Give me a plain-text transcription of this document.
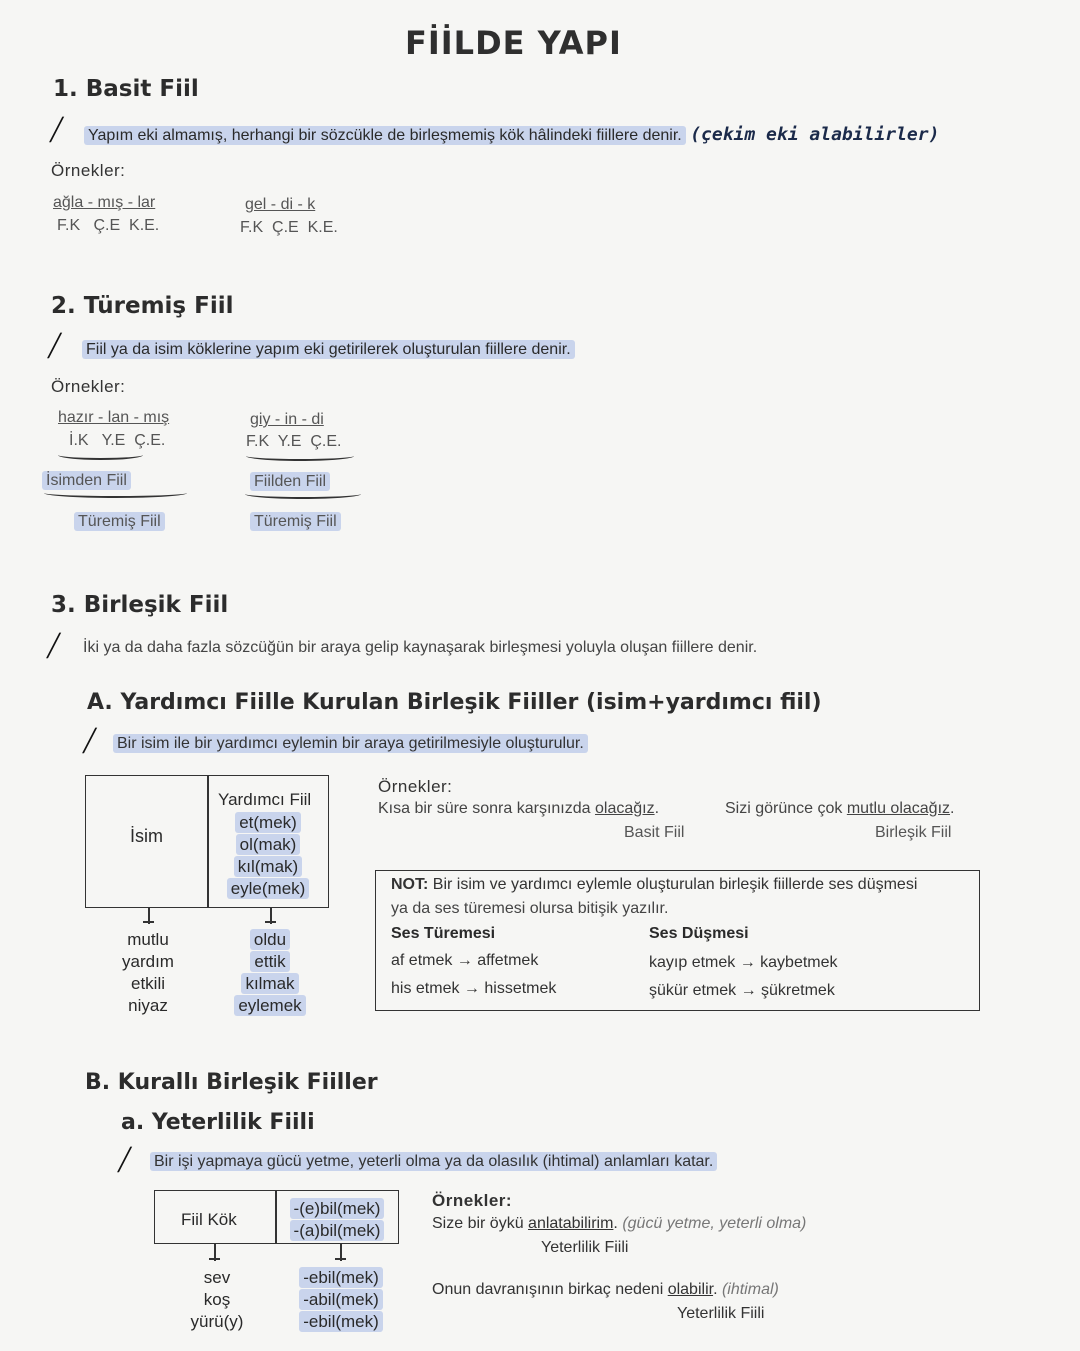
FİİLDE YAPI
1. Basit Fiil
╱ Yapım eki almamış, herhangi bir sözcükle de birleşmemiş kök hâlindeki fiillere denir. (çekim eki alabilirler)
Örnekler:
ağla - mış - lar
F.K   Ç.E  K.E.
gel - di - k
F.K  Ç.E  K.E.
2. Türemiş Fiil
╱ Fiil ya da isim köklerine yapım eki getirilerek oluşturulan fiillere denir.
Örnekler:
hazır - lan - mış
İ.K   Y.E  Ç.E.
İsimden Fiil
Türemiş Fiil
giy - in - di
F.K  Y.E  Ç.E.
Fiilden Fiil
Türemiş Fiil
3. Birleşik Fiil
╱ İki ya da daha fazla sözcüğün bir araya gelip kaynaşarak birleşmesi yoluyla oluşan fiillere denir.
A. Yardımcı Fiille Kurulan Birleşik Fiiller (isim+yardımcı fiil)
╱ Bir isim ile bir yardımcı eylemin bir araya getirilmesiyle oluşturulur.
İsim
Yardımcı Fiil
et(mek)
ol(mak)
kıl(mak)
eyle(mek)
mutlu
yardım
etkili
niyaz
oldu
ettik
kılmak
eylemek
Örnekler:
Kısa bir süre sonra karşınızda olacağız.
Basit Fiil
Sizi görünce çok mutlu olacağız.
Birleşik Fiil
NOT: Bir isim ve yardımcı eylemle oluşturulan birleşik fiillerde ses düşmesi
ya da ses türemesi olursa bitişik yazılır.
Ses Türemesi	Ses Düşmesi
af etmek → affetmek
his etmek → hissetmek
kayıp etmek → kaybetmek
şükür etmek → şükretmek
B. Kurallı Birleşik Fiiller
a. Yeterlilik Fiili
╱ Bir işi yapmaya gücü yetme, yeterli olma ya da olasılık (ihtimal) anlamları katar.
Fiil Kök
-(e)bil(mek)
-(a)bil(mek)
sev
koş
yürü(y)
-ebil(mek)
-abil(mek)
-ebil(mek)
Örnekler:
Size bir öykü anlatabilirim. (gücü yetme, yeterli olma)
Yeterlilik Fiili
Onun davranışının birkaç nedeni olabilir. (ihtimal)
Yeterlilik Fiili
